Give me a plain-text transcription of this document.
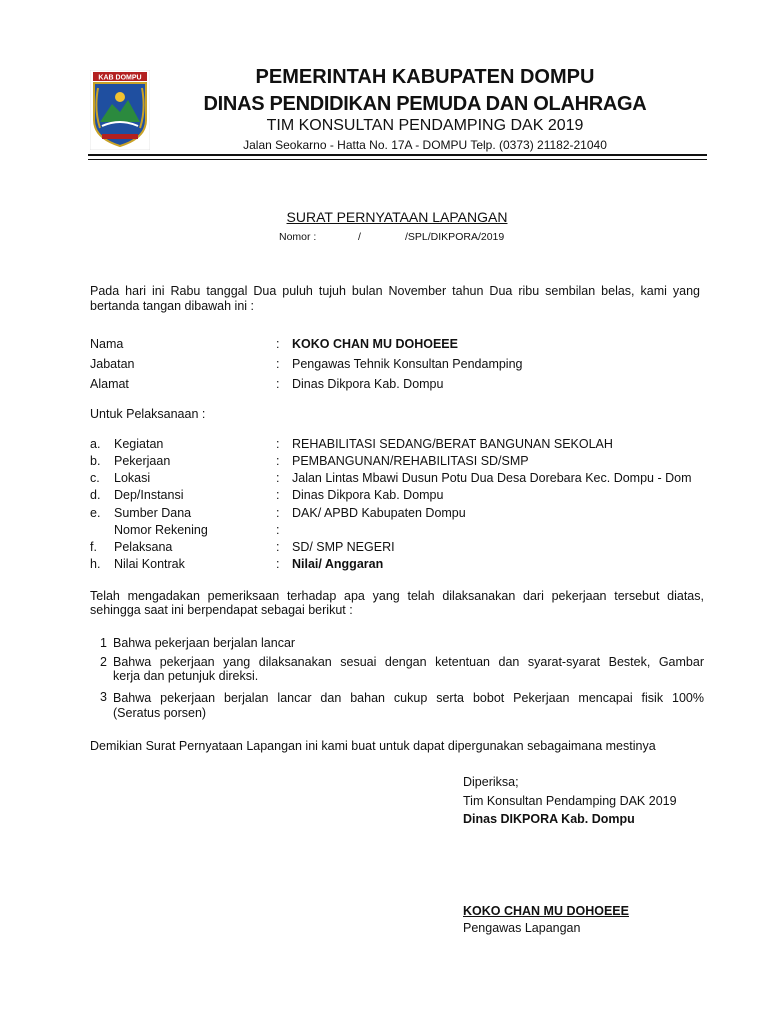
KAB DOMPU	PEMERINTAH KABUPATEN DOMPU
DINAS PENDIDIKAN PEMUDA DAN OLAHRAGA
TIM KONSULTAN PENDAMPING DAK 2019
Jalan Seokarno - Hatta No. 17A - DOMPU Telp. (0373) 21182-21040
SURAT PERNYATAAN LAPANGAN
Nomor :	/	/SPL/DIKPORA/2019
Pada hari ini Rabu tanggal Dua puluh tujuh bulan November tahun Dua ribu sembilan belas, kami yang
bertanda tangan dibawah ini :
Nama	: KOKO CHAN MU DOHOEEE
Jabatan	: Pengawas Tehnik Konsultan Pendamping
Alamat	: Dinas Dikpora Kab. Dompu
Untuk Pelaksanaan :
a. Kegiatan	: REHABILITASI SEDANG/BERAT BANGUNAN SEKOLAH
b. Pekerjaan	: PEMBANGUNAN/REHABILITASI SD/SMP
c. Lokasi	: Jalan Lintas Mbawi Dusun Potu Dua Desa Dorebara Kec. Dompu - Dom
d. Dep/Instansi	: Dinas Dikpora Kab. Dompu
e. Sumber Dana	: DAK/ APBD Kabupaten Dompu
Nomor Rekening	:
f. Pelaksana	: SD/ SMP NEGERI
h. Nilai Kontrak	: Nilai/ Anggaran
Telah mengadakan pemeriksaan terhadap apa yang telah dilaksanakan dari pekerjaan tersebut diatas,
sehingga saat ini berpendapat sebagai berikut :
1 Bahwa pekerjaan berjalan lancar
2 Bahwa pekerjaan yang dilaksanakan sesuai dengan ketentuan dan syarat-syarat Bestek, Gambar
kerja dan petunjuk direksi.
3 Bahwa pekerjaan berjalan lancar dan bahan cukup serta bobot Pekerjaan mencapai fisik 100%
(Seratus porsen)
Demikian Surat Pernyataan Lapangan ini kami buat untuk dapat dipergunakan sebagaimana mestinya
Diperiksa;
Tim Konsultan Pendamping DAK 2019
Dinas DIKPORA Kab. Dompu
KOKO CHAN MU DOHOEEE
Pengawas Lapangan
